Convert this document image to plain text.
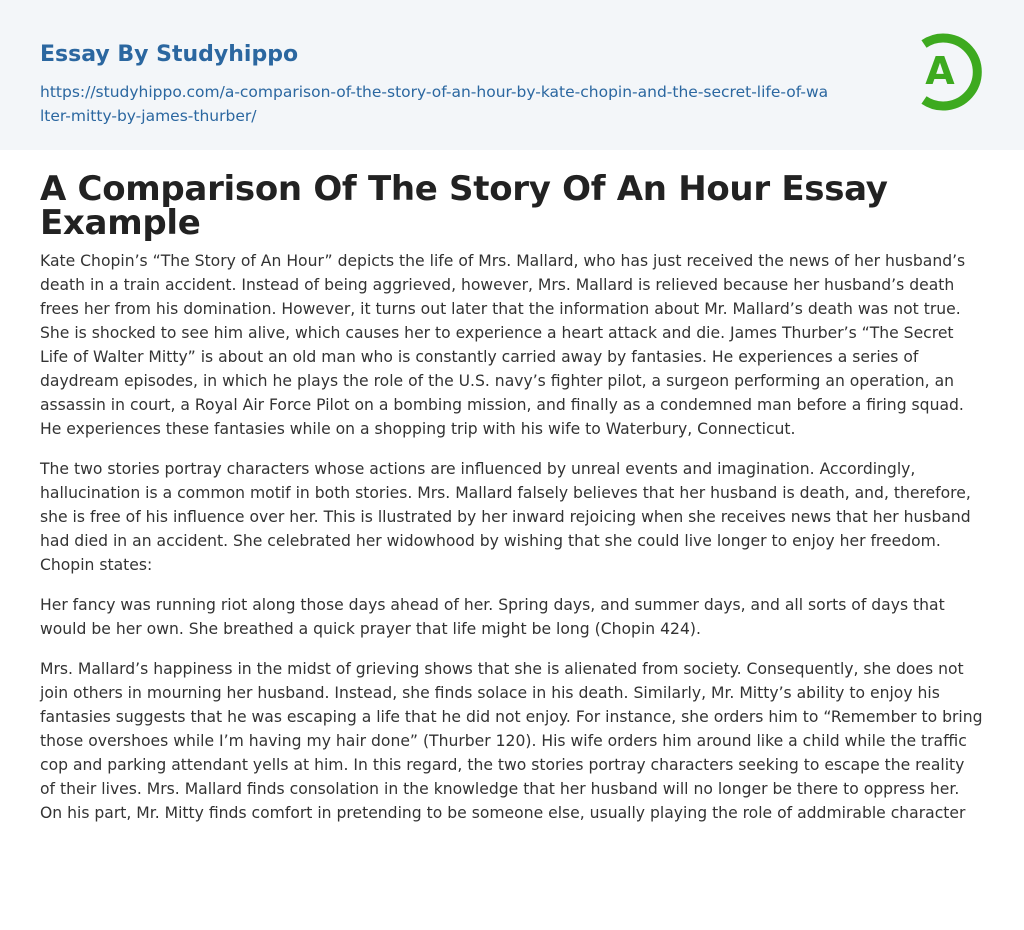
Essay By Studyhippo
https://studyhippo.com/a-comparison-of-the-story-of-an-hour-by-kate-chopin-and-the-secret-life-of-walter-mitty-by-james-thurber/
A
A Comparison Of The Story Of An Hour Essay Example

Kate Chopin’s “The Story of An Hour” depicts the life of Mrs. Mallard, who has just received the news of her husband’s death in a train accident. Instead of being aggrieved, however, Mrs. Mallard is relieved because her husband’s death frees her from his domination. However, it turns out later that the information about Mr. Mallard’s death was not true. She is shocked to see him alive, which causes her to experience a heart attack and die. James Thurber’s “The Secret Life of Walter Mitty” is about an old man who is constantly carried away by fantasies. He experiences a series of daydream episodes, in which he plays the role of the U.S. navy’s fighter pilot, a surgeon performing an operation, an assassin in court, a Royal Air Force Pilot on a bombing mission, and finally as a condemned man before a firing squad. He experiences these fantasies while on a shopping trip with his wife to Waterbury, Connecticut.

The two stories portray characters whose actions are influenced by unreal events and imagination. Accordingly, hallucination is a common motif in both stories. Mrs. Mallard falsely believes that her husband is death, and, therefore, she is free of his influence over her. This is llustrated by her inward rejoicing when she receives news that her husband had died in an accident. She celebrated her widowhood by wishing that she could live longer to enjoy her freedom. Chopin states:

Her fancy was running riot along those days ahead of her. Spring days, and summer days, and all sorts of days that would be her own. She breathed a quick prayer that life might be long (Chopin 424).

Mrs. Mallard’s happiness in the midst of grieving shows that she is alienated from society. Consequently, she does not join others in mourning her husband. Instead, she finds solace in his death. Similarly, Mr. Mitty’s ability to enjoy his fantasies suggests that he was escaping a life that he did not enjoy. For instance, she orders him to “Remember to bring those overshoes while I’m having my hair done” (Thurber 120). His wife orders him around like a child while the traffic cop and parking attendant yells at him. In this regard, the two stories portray characters seeking to escape the reality of their lives. Mrs. Mallard finds consolation in the knowledge that her husband will no longer be there to oppress her. On his part, Mr. Mitty finds comfort in pretending to be someone else, usually playing the role of addmirable character
